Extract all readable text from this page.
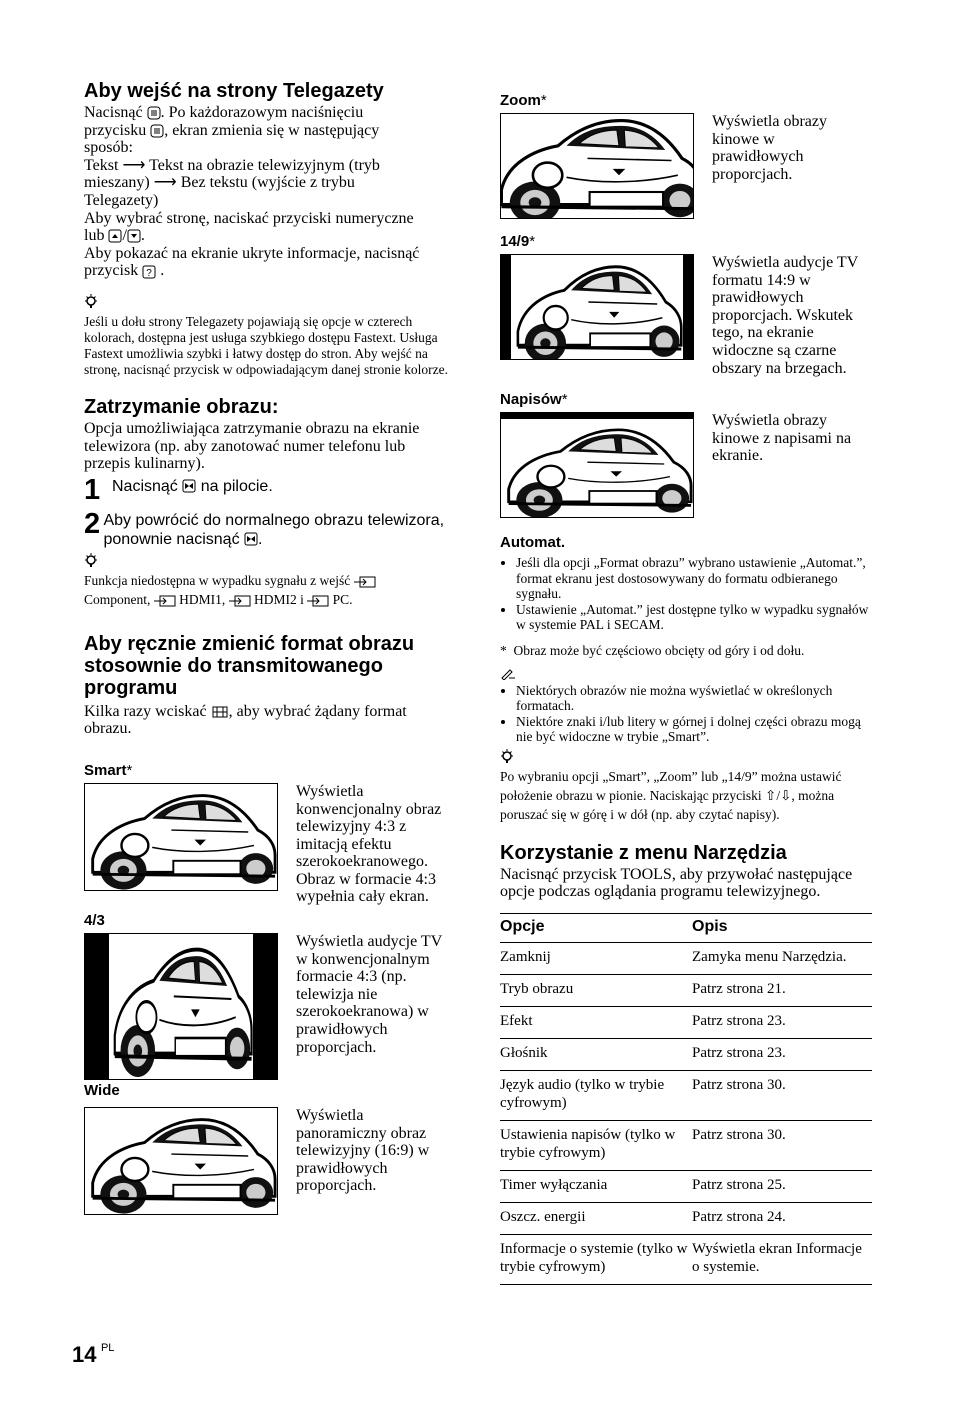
Aby wejść na strony Telegazety
Nacisnąć . Po każdorazowym naciśnięciu
przycisku , ekran zmienia się w następujący
sposób:
Tekst ⟶ Tekst na obrazie telewizyjnym (tryb
mieszany) ⟶ Bez tekstu (wyjście z trybu
Telegazety)
Aby wybrać stronę, naciskać przyciski numeryczne
lub / .
Aby pokazać na ekranie ukryte informacje, nacisnąć
przycisk ? .
Jeśli u dołu strony Telegazety pojawiają się opcje w czterech kolorach, dostępna jest usługa szybkiego dostępu Fastext. Usługa Fastext umożliwia szybki i łatwy dostęp do stron. Aby wejść na stronę, nacisnąć przycisk w odpowiadającym danej stronie kolorze.
Zatrzymanie obrazu:
Opcja umożliwiająca zatrzymanie obrazu na ekranie telewizora (np. aby zanotować numer telefonu lub przepis kulinarny).
1 Nacisnąć na pilocie.
2 Aby powrócić do normalnego obrazu telewizora, ponownie nacisnąć .
Funkcja niedostępna w wypadku sygnału z wejść
Component, HDMI1, HDMI2 i PC.
Aby ręcznie zmienić format obrazu stosownie do transmitowanego programu
Kilka razy wciskać , aby wybrać żądany format obrazu.
Smart*
Wyświetla konwencjonalny obraz telewizyjny 4:3 z imitacją efektu szerokoekranowego. Obraz w formacie 4:3 wypełnia cały ekran.
4/3
Wyświetla audycje TV w konwencjonalnym formacie 4:3 (np. telewizja nie szerokoekranowa) w prawidłowych proporcjach.
Wide
Wyświetla panoramiczny obraz telewizyjny (16:9) w prawidłowych proporcjach.
Zoom*
Wyświetla obrazy kinowe w prawidłowych proporcjach.
14/9*
Wyświetla audycje TV formatu 14:9 w prawidłowych proporcjach. Wskutek tego, na ekranie widoczne są czarne obszary na brzegach.
Napisów*
Wyświetla obrazy kinowe z napisami na ekranie.
Automat.
• Jeśli dla opcji „Format obrazu” wybrano ustawienie „Automat.”, format ekranu jest dostosowywany do formatu odbieranego sygnału.
• Ustawienie „Automat.” jest dostępne tylko w wypadku sygnałów w systemie PAL i SECAM.
* Obraz może być częściowo obcięty od góry i od dołu.
• Niektórych obrazów nie można wyświetlać w określonych formatach.
• Niektóre znaki i/lub litery w górnej i dolnej części obrazu mogą nie być widoczne w trybie „Smart”.
Po wybraniu opcji „Smart”, „Zoom” lub „14/9” można ustawić położenie obrazu w pionie. Naciskając przyciski ⇧/⇩, można poruszać się w górę i w dół (np. aby czytać napisy).
Korzystanie z menu Narzędzia
Nacisnąć przycisk TOOLS, aby przywołać następujące opcje podczas oglądania programu telewizyjnego.
Opcje	Opis
Zamknij	Zamyka menu Narzędzia.
Tryb obrazu	Patrz strona 21.
Efekt	Patrz strona 23.
Głośnik	Patrz strona 23.
Język audio (tylko w trybie cyfrowym)	Patrz strona 30.
Ustawienia napisów (tylko w trybie cyfrowym)	Patrz strona 30.
Timer wyłączania	Patrz strona 25.
Oszcz. energii	Patrz strona 24.
Informacje o systemie (tylko w trybie cyfrowym)	Wyświetla ekran Informacje o systemie.
14 $^{PL}$
